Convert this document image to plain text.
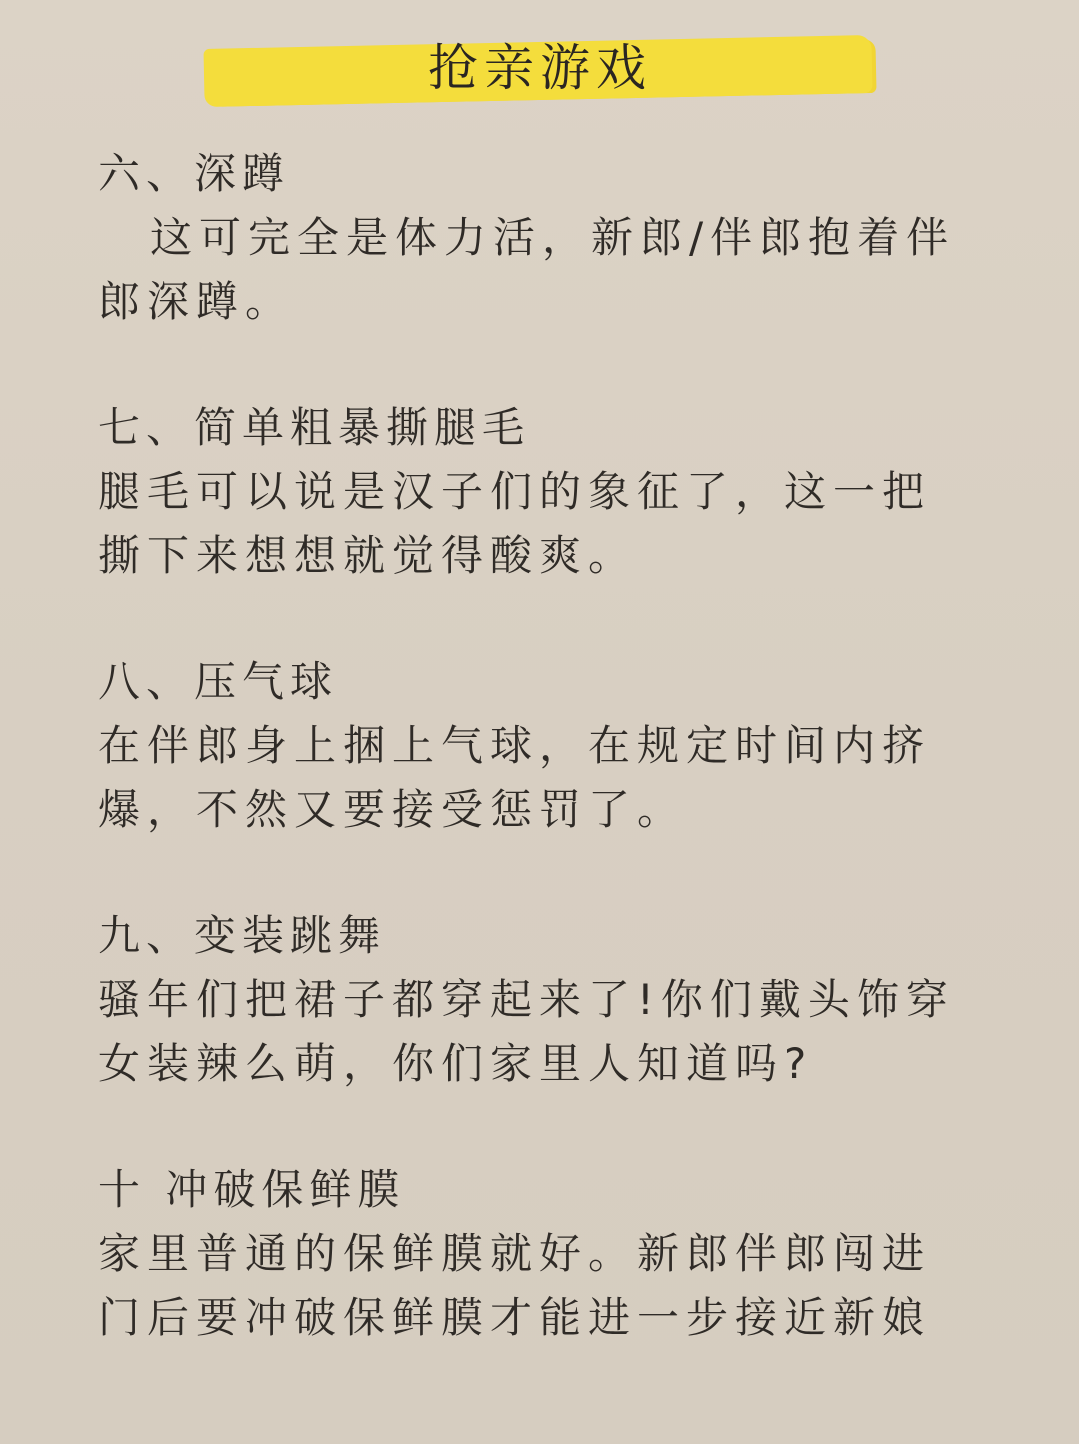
抢亲游戏

六、深蹲

这可完全是体力活，新郎/伴郎抱着伴
郎深蹲。

七、简单粗暴撕腿毛

腿毛可以说是汉子们的象征了，这一把
撕下来想想就觉得酸爽。

八、压气球

在伴郎身上捆上气球，在规定时间内挤
爆，不然又要接受惩罚了。

九、变装跳舞

骚年们把裙子都穿起来了!你们戴头饰穿
女装辣么萌，你们家里人知道吗?

十 冲破保鲜膜

家里普通的保鲜膜就好。新郎伴郎闯进
门后要冲破保鲜膜才能进一步接近新娘
